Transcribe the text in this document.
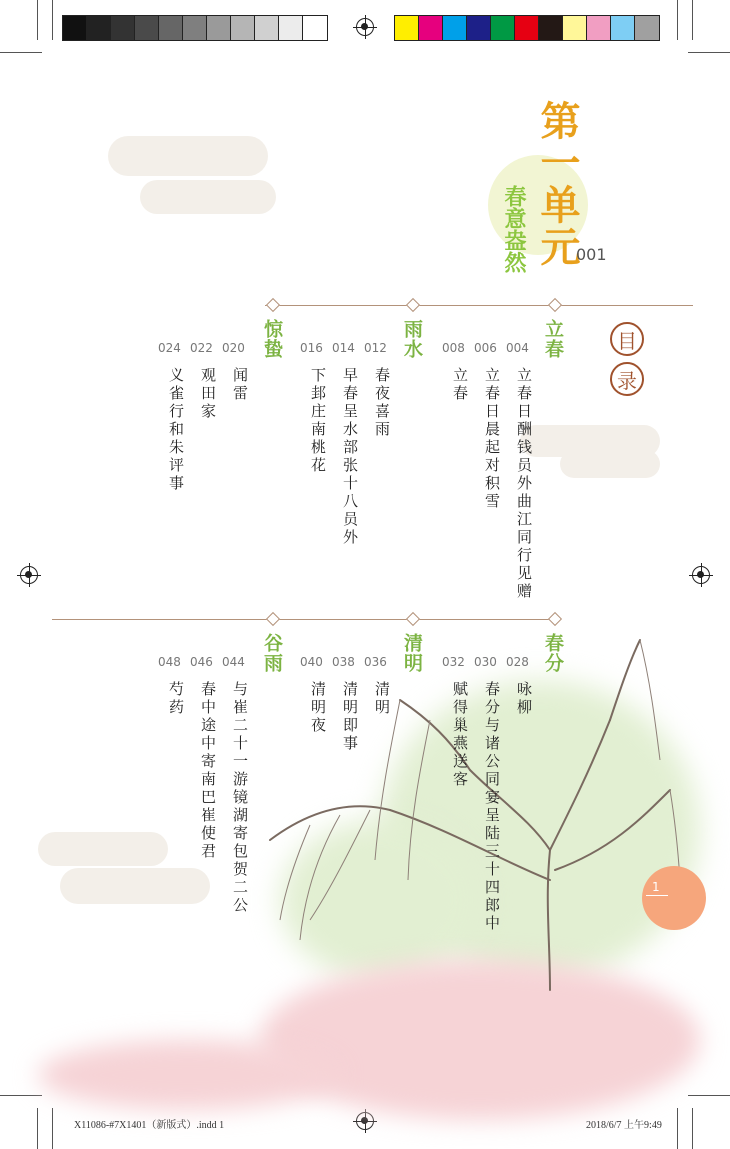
第一单元
春意盎然	001
目
录
立春
004
立春日酬钱员外曲江同行见赠
006
立春日晨起对积雪
008
立春
雨水
012
春夜喜雨
014
早春呈水部张十八员外
016
下邽庄南桃花
惊蛰
020
闻雷
022
观田家
024
义雀行和朱评事
春分
028
咏柳
030
春分与诸公同宴呈陆三十四郎中
032
赋得巢燕送客
清明
036
清明
038
清明即事
040
清明夜
谷雨
044
与崔二十一游镜湖寄包贺二公
046
春中途中寄南巴崔使君
048
芍药
1
X11086-#7X1401（新版式）.indd 1	2018/6/7 上午9:49
